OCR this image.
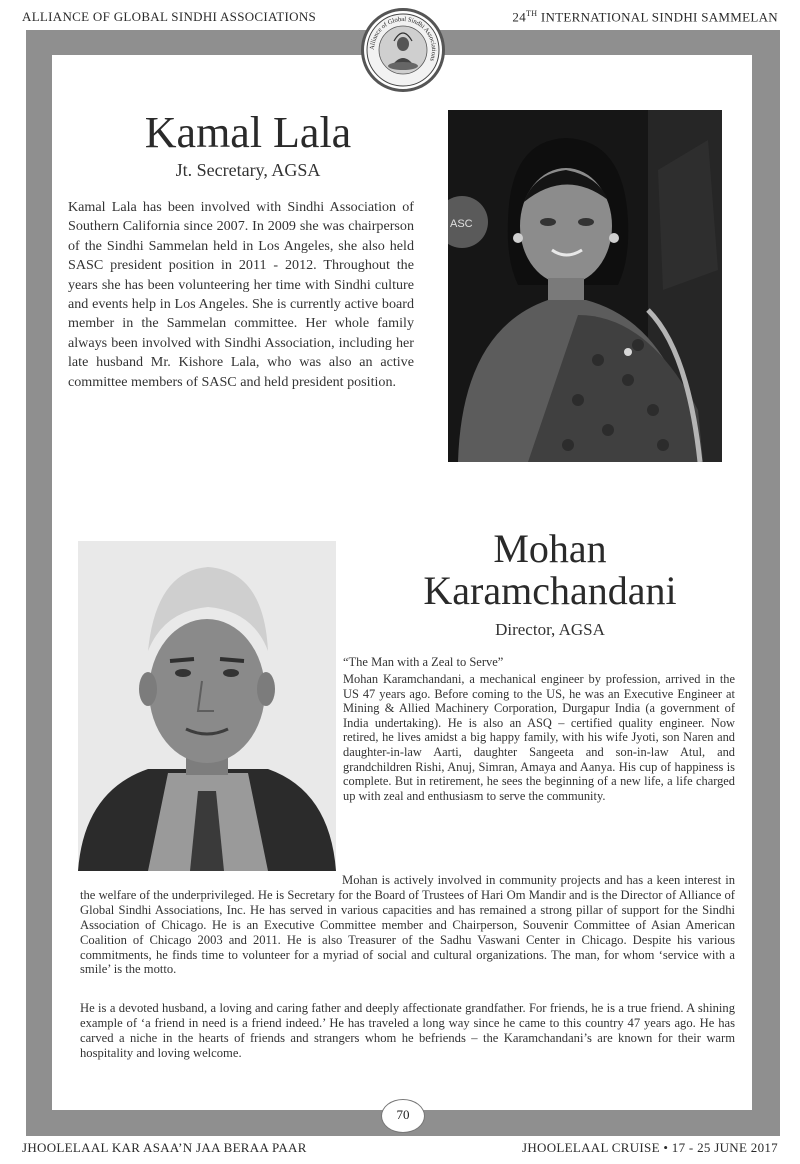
ALLIANCE OF GLOBAL SINDHI ASSOCIATIONS	24TH INTERNATIONAL SINDHI SAMMELAN
Alliance of Global Sindhi Associations
Kamal Lala
Jt. Secretary, AGSA
Kamal Lala has been involved with Sindhi Association of Southern California since 2007. In 2009 she was chairperson of the Sindhi Sammelan held in Los Angeles, she also held SASC president position in 2011 - 2012. Throughout the years she has been volunteering her time with Sindhi culture and events help in Los Angeles. She is currently active board member in the Sammelan committee. Her whole family always been involved with Sindhi Association, including her late husband Mr. Kishore Lala, who was also an active committee members of SASC and held president position.
ASC
Mohan
Karamchandani
Director, AGSA
“The Man with a Zeal to Serve”
Mohan Karamchandani, a mechanical engineer by profession, arrived in the US 47 years ago. Before coming to the US, he was an Executive Engineer at Mining & Allied Machinery Corporation, Durgapur India (a government of India undertaking). He is also an ASQ – certified quality engineer. Now retired, he lives amidst a big happy family, with his wife Jyoti, son Naren and daughter-in-law Aarti, daughter Sangeeta and son-in-law Atul, and grandchildren Rishi, Anuj, Simran, Amaya and Aanya. His cup of happiness is complete. But in retirement, he sees the beginning of a new life, a life charged up with zeal and enthusiasm to serve the community.
Mohan is actively involved in community projects and has a keen interest in the welfare of the underprivileged. He is Secretary for the Board of Trustees of Hari Om Mandir and is the Director of Alliance of Global Sindhi Associations, Inc. He has served in various capacities and has remained a strong pillar of support for the Sindhi Association of Chicago. He is an Executive Committee member and Chairperson, Souvenir Committee of Asian American Coalition of Chicago 2003 and 2011. He is also Treasurer of the Sadhu Vaswani Center in Chicago. Despite his various commitments, he finds time to volunteer for a myriad of social and cultural organizations. The man, for whom ‘service with a smile’ is the motto.
He is a devoted husband, a loving and caring father and deeply affectionate grandfather. For friends, he is a true friend. A shining example of ‘a friend in need is a friend indeed.’ He has traveled a long way since he came to this country 47 years ago. He has carved a niche in the hearts of friends and strangers whom he befriends – the Karamchandani’s are known for their warm hospitality and loving welcome.
70
JHOOLELAAL KAR ASAA’N JAA BERAA PAAR	JHOOLELAAL CRUISE • 17 - 25 JUNE 2017
